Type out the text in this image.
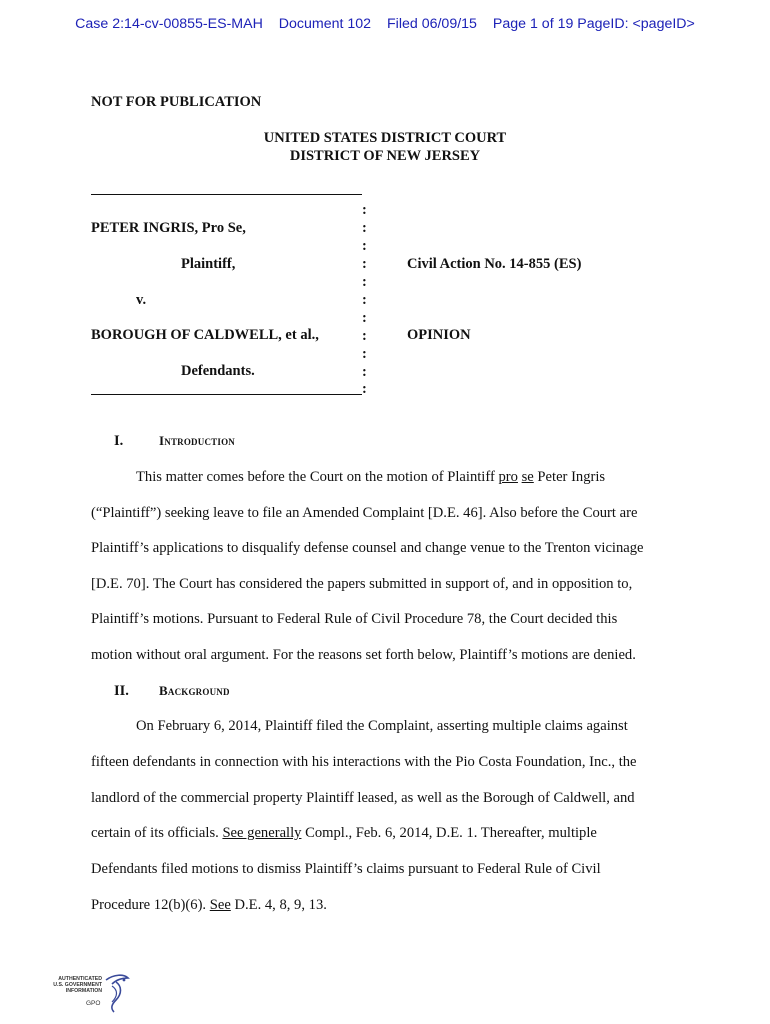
Case 2:14-cv-00855-ES-MAH Document 102 Filed 06/09/15 Page 1 of 19 PageID: <pageID>
NOT FOR PUBLICATION
UNITED STATES DISTRICT COURT
DISTRICT OF NEW JERSEY
:
:
:
:
:
:
:
:
:
:
:
PETER INGRIS, Pro Se,
Plaintiff,
v.
BOROUGH OF CALDWELL, et al.,
Defendants.
Civil Action No. 14-855 (ES)
OPINION
I.	Introduction
This matter comes before the Court on the motion of Plaintiff pro se Peter Ingris
(“Plaintiff”) seeking leave to file an Amended Complaint [D.E. 46]. Also before the Court are
Plaintiff’s applications to disqualify defense counsel and change venue to the Trenton vicinage
[D.E. 70]. The Court has considered the papers submitted in support of, and in opposition to,
Plaintiff’s motions. Pursuant to Federal Rule of Civil Procedure 78, the Court decided this
motion without oral argument. For the reasons set forth below, Plaintiff’s motions are denied.
II. Background
On February 6, 2014, Plaintiff filed the Complaint, asserting multiple claims against
fifteen defendants in connection with his interactions with the Pio Costa Foundation, Inc., the
landlord of the commercial property Plaintiff leased, as well as the Borough of Caldwell, and
certain of its officials. See generally Compl., Feb. 6, 2014, D.E. 1. Thereafter, multiple
Defendants filed motions to dismiss Plaintiff’s claims pursuant to Federal Rule of Civil
Procedure 12(b)(6). See D.E. 4, 8, 9, 13.
AUTHENTICATED
U.S. GOVERNMENT
INFORMATION
GPO
